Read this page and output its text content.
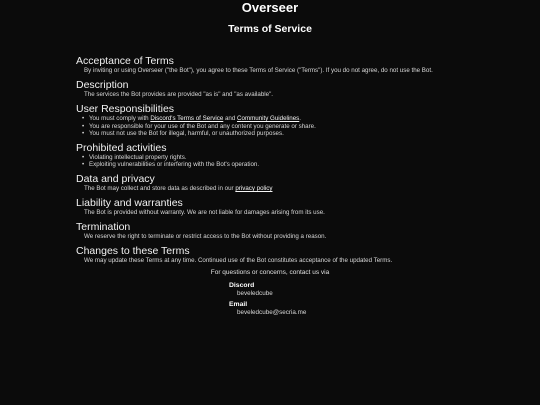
Overseer
Terms of Service
Acceptance of Terms

By inviting or using Overseer ("the Bot"), you agree to these Terms of Service ("Terms"). If you do not agree, do not use the Bot.

Description

The services the Bot provides are provided "as is" and "as available".

User Responsibilities
• You must comply with Discord's Terms of Service and Community Guidelines.
• You are responsible for your use of the Bot and any content you generate or share.
• You must not use the Bot for illegal, harmful, or unauthorized purposes.
Prohibited activities
• Violating intellectual property rights.
• Exploiting vulnerabilities or interfering with the Bot's operation.
Data and privacy

The Bot may collect and store data as described in our privacy policy

Liability and warranties

The Bot is provided without warranty. We are not liable for damages arising from its use.

Termination

We reserve the right to terminate or restrict access to the Bot without providing a reason.

Changes to these Terms

We may update these Terms at any time. Continued use of the Bot constitutes acceptance of the updated Terms.

For questions or concerns, contact us via
Discord
beveledcube
Email
beveledcube@secria.me
